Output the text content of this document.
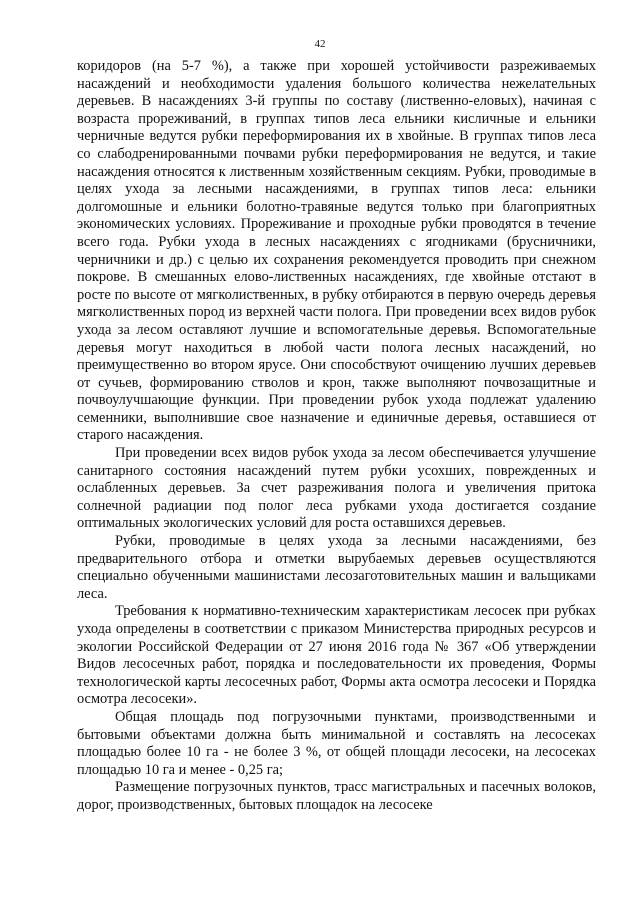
42

коридоров (на 5-7 %), а также при хорошей устойчивости разреживаемых насаждений и необходимости удаления большого количества нежелательных деревьев. В насаждениях 3-й группы по составу (лиственно-еловых), начиная с возраста прореживаний, в группах типов леса ельники кисличные и ельники черничные ведутся рубки переформирования их в хвойные. В группах типов леса со слабодренированными почвами рубки переформирования не ведутся, и такие насаждения относятся к лиственным хозяйственным секциям. Рубки, проводимые в целях ухода за лесными насаждениями, в группах типов леса: ельники долгомошные и ельники болотно-травяные ведутся только при благоприятных экономических условиях. Прореживание и проходные рубки проводятся в течение всего года. Рубки ухода в лесных насаждениях с ягодниками (брусничники, черничники и др.) с целью их сохранения рекомендуется проводить при снежном покрове. В смешанных елово-лиственных насаждениях, где хвойные отстают в росте по высоте от мягколиственных, в рубку отбираются в первую очередь деревья мягколиственных пород из верхней части полога. При проведении всех видов рубок ухода за лесом оставляют лучшие и вспомогательные деревья. Вспомогательные деревья могут находиться в любой части полога лесных насаждений, но преимущественно во втором ярусе. Они способствуют очищению лучших деревьев от сучьев, формированию стволов и крон, также выполняют почвозащитные и почвоулучшающие функции. При проведении рубок ухода подлежат удалению семенники, выполнившие свое назначение и единичные деревья, оставшиеся от старого насаждения.

При проведении всех видов рубок ухода за лесом обеспечивается улучшение санитарного состояния насаждений путем рубки усохших, поврежденных и ослабленных деревьев. За счет разреживания полога и увеличения притока солнечной радиации под полог леса рубками ухода достигается создание оптимальных экологических условий для роста оставшихся деревьев.

Рубки, проводимые в целях ухода за лесными насаждениями, без предварительного отбора и отметки вырубаемых деревьев осуществляются специально обученными машинистами лесозаготовительных машин и вальщиками леса.

Требования к нормативно-техническим характеристикам лесосек при рубках ухода определены в соответствии с приказом Министерства природных ресурсов и экологии Российской Федерации от 27 июня 2016 года № 367 «Об утверждении Видов лесосечных работ, порядка и последовательности их проведения, Формы технологической карты лесосечных работ, Формы акта осмотра лесосеки и Порядка осмотра лесосеки».

Общая площадь под погрузочными пунктами, производственными и бытовыми объектами должна быть минимальной и составлять на лесосеках площадью более 10 га - не более 3 %, от общей площади лесосеки, на лесосеках площадью 10 га и менее - 0,25 га;

Размещение погрузочных пунктов, трасс магистральных и пасечных волоков, дорог, производственных, бытовых площадок на лесосеке
